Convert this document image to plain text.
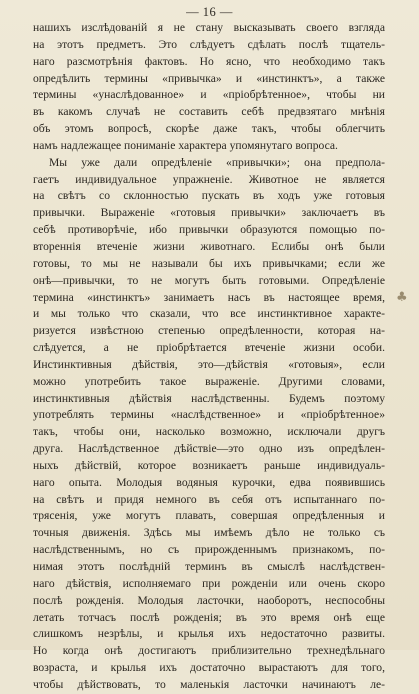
— 16 —
нашихъ изслѣдованій я не стану высказывать своего взгляда
на этотъ предметъ. Это слѣдуетъ сдѣлать послѣ тщатель-
наго разсмотрѣнія фактовъ. Но ясно, что необходимо такъ
опредѣлить термины «привычка» и «инстинктъ», а также
термины «унаслѣдованное» и «пріобрѣтенное», чтобы ни
въ какомъ случаѣ не составить себѣ предвзятаго мнѣнія
объ этомъ вопросѣ, скорѣе даже такъ, чтобы облегчить
намъ надлежащее пониманіе характера упомянутаго вопроса.
Мы уже дали опредѣленіе «привычки»; она предпола-
гаетъ индивидуальное упражненіе. Животное не является
на свѣтъ со склонностью пускать въ ходъ уже готовыя
привычки. Выраженіе «готовыя привычки» заключаетъ въ
себѣ противорѣчіе, ибо привычки образуются помощью по-
втореннія втеченіе жизни животнаго. Еслибы онѣ были
готовы, то мы не называли бы ихъ привычками; если же
онѣ—привычки, то не могутъ быть готовыми. Опредѣленіе
термина «инстинктъ» занимаетъ насъ въ настоящее время,
и мы только что сказали, что все инстинктивное характе-
ризуется извѣстною степенью опредѣленности, которая на-
слѣдуется, а не пріобрѣтается втеченіе жизни особи.
Инстинктивныя дѣйствія, это—дѣйствія «готовыя», если
можно употребить такое выраженіе. Другими словами,
инстинктивныя дѣйствія наслѣдственны. Будемъ поэтому
употреблять термины «наслѣдственное» и «пріобрѣтенное»
такъ, чтобы они, насколько возможно, исключали другъ
друга. Наслѣдственное дѣйствіе—это одно изъ опредѣлен-
ныхъ дѣйствій, которое возникаетъ раньше индивидуаль-
наго опыта. Молодыя водяныя курочки, едва появившись
на свѣтъ и придя немного въ себя отъ испытаннаго по-
трясенія, уже могутъ плавать, совершая опредѣленныя и
точныя движенія. Здѣсь мы имѣемъ дѣло не только съ
наслѣдственнымъ, но съ прирожденнымъ признакомъ, по-
нимая этотъ послѣдній терминъ въ смыслѣ наслѣдствен-
наго дѣйствія, исполняемаго при рожденіи или очень скоро
послѣ рожденія. Молодыя ласточки, наоборотъ, неспособны
летать тотчасъ послѣ рожденія; въ это время онѣ еще
слишкомъ незрѣлы, и крылья ихъ недостаточно развиты.
Но когда онѣ достигаютъ приблизительно трехнедѣльнаго
возраста, и крылья ихъ достаточно вырастаютъ для того,
чтобы дѣйствовать, то маленькія ласточки начинаютъ ле-
♣
